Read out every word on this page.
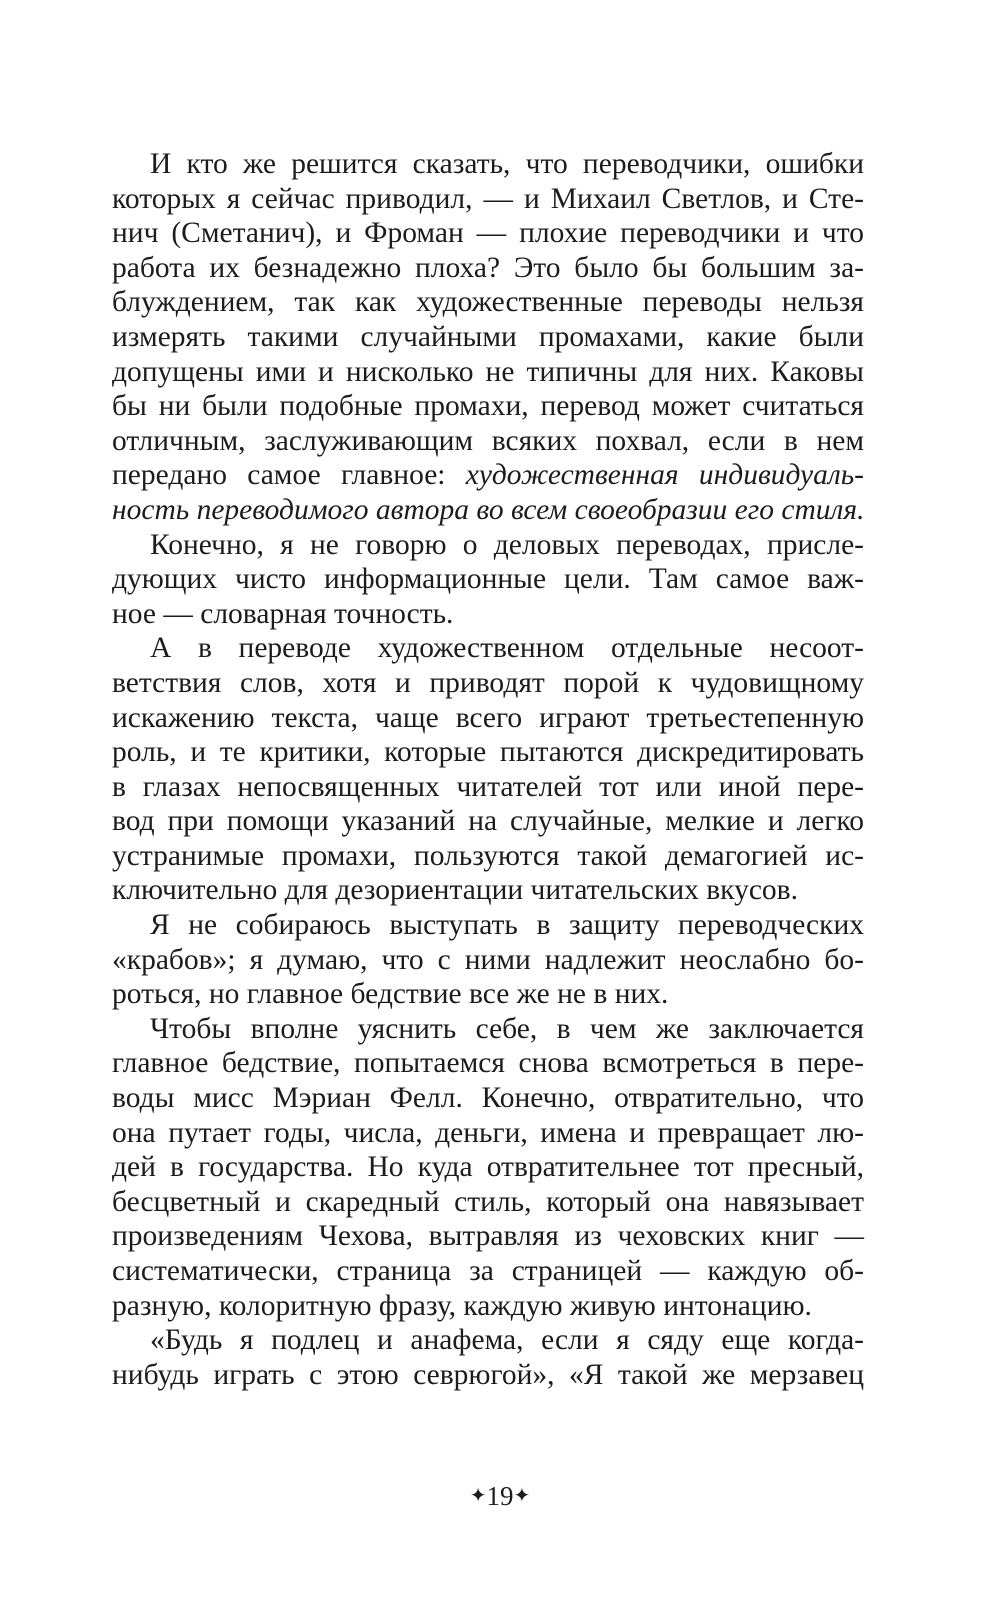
И кто же решится сказать, что переводчики, ошибки
которых я сейчас приводил, — и Михаил Светлов, и Сте-
нич (Сметанич), и Фроман — плохие переводчики и что
работа их безнадежно плоха? Это было бы большим за-
блуждением, так как художественные переводы нельзя
измерять такими случайными промахами, какие были
допущены ими и нисколько не типичны для них. Каковы
бы ни были подобные промахи, перевод может считаться
отличным, заслуживающим всяких похвал, если в нем
передано самое главное: художественная индивидуаль-
ность переводимого автора во всем своеобразии его стиля.
Конечно, я не говорю о деловых переводах, присле-
дующих чисто информационные цели. Там самое важ-
ное — словарная точность.
А в переводе художественном отдельные несоот-
ветствия слов, хотя и приводят порой к чудовищному
искажению текста, чаще всего играют третьестепенную
роль, и те критики, которые пытаются дискредитировать
в глазах непосвященных читателей тот или иной пере-
вод при помощи указаний на случайные, мелкие и легко
устранимые промахи, пользуются такой демагогией ис-
ключительно для дезориентации читательских вкусов.
Я не собираюсь выступать в защиту переводческих
«крабов»; я думаю, что с ними надлежит неослабно бо-
роться, но главное бедствие все же не в них.
Чтобы вполне уяснить себе, в чем же заключается
главное бедствие, попытаемся снова всмотреться в пере-
воды мисс Мэриан Фелл. Конечно, отвратительно, что
она путает годы, числа, деньги, имена и превращает лю-
дей в государства. Но куда отвратительнее тот пресный,
бесцветный и скаредный стиль, который она навязывает
произведениям Чехова, вытравляя из чеховских книг —
систематически, страница за страницей — каждую об-
разную, колоритную фразу, каждую живую интонацию.
«Будь я подлец и анафема, если я сяду еще когда-
нибудь играть с этою севрюгой», «Я такой же мерзавец
✦19✦
